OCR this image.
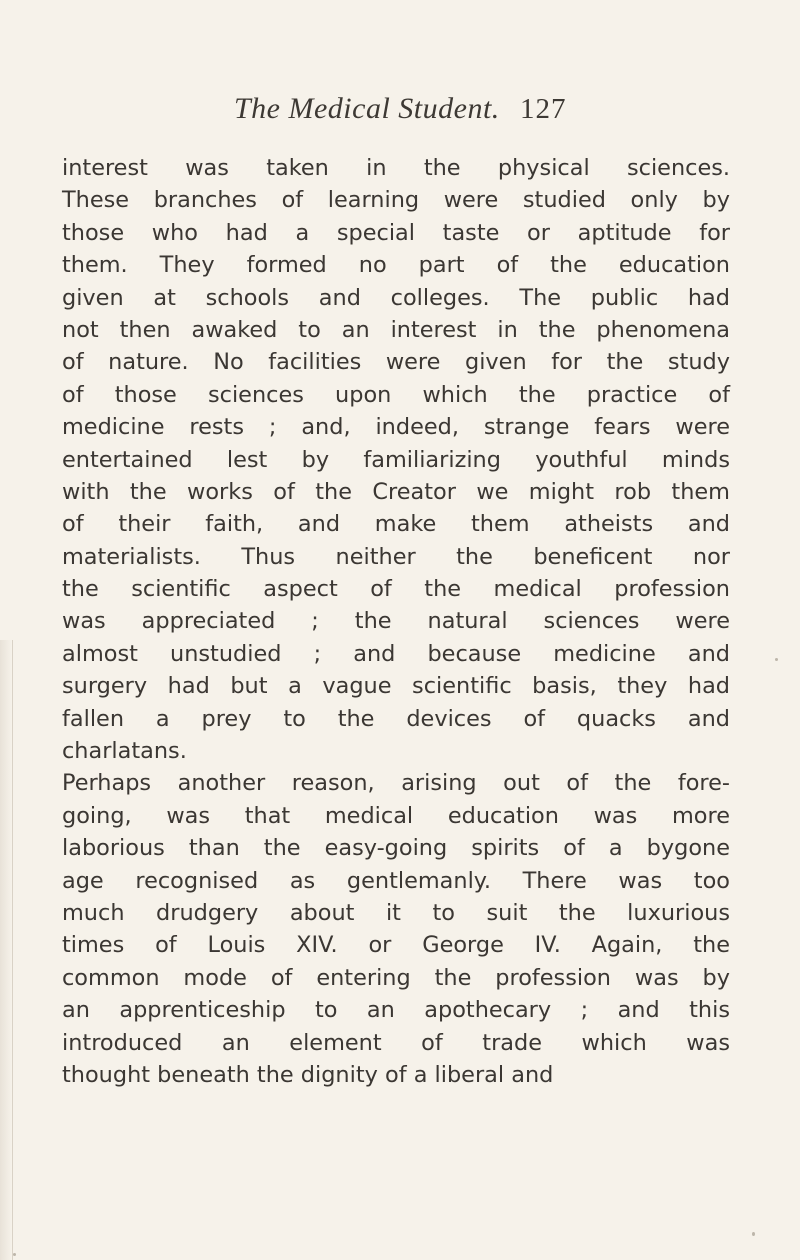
The Medical Student. 127
interest was taken in the physical sciences.
These branches of learning were studied only by
those who had a special taste or aptitude for
them. They formed no part of the education
given at schools and colleges. The public had
not then awaked to an interest in the phenomena
of nature. No facilities were given for the study
of those sciences upon which the practice of
medicine rests ; and, indeed, strange fears were
entertained lest by familiarizing youthful minds
with the works of the Creator we might rob them
of their faith, and make them atheists and
materialists. Thus neither the beneficent nor
the scientific aspect of the medical profession
was appreciated ; the natural sciences were
almost unstudied ; and because medicine and
surgery had but a vague scientific basis, they had
fallen a prey to the devices of quacks and
charlatans.
Perhaps another reason, arising out of the fore-
going, was that medical education was more
laborious than the easy-going spirits of a bygone
age recognised as gentlemanly. There was too
much drudgery about it to suit the luxurious
times of Louis XIV. or George IV. Again, the
common mode of entering the profession was by
an apprenticeship to an apothecary ; and this
introduced an element of trade which was
thought beneath the dignity of a liberal and
